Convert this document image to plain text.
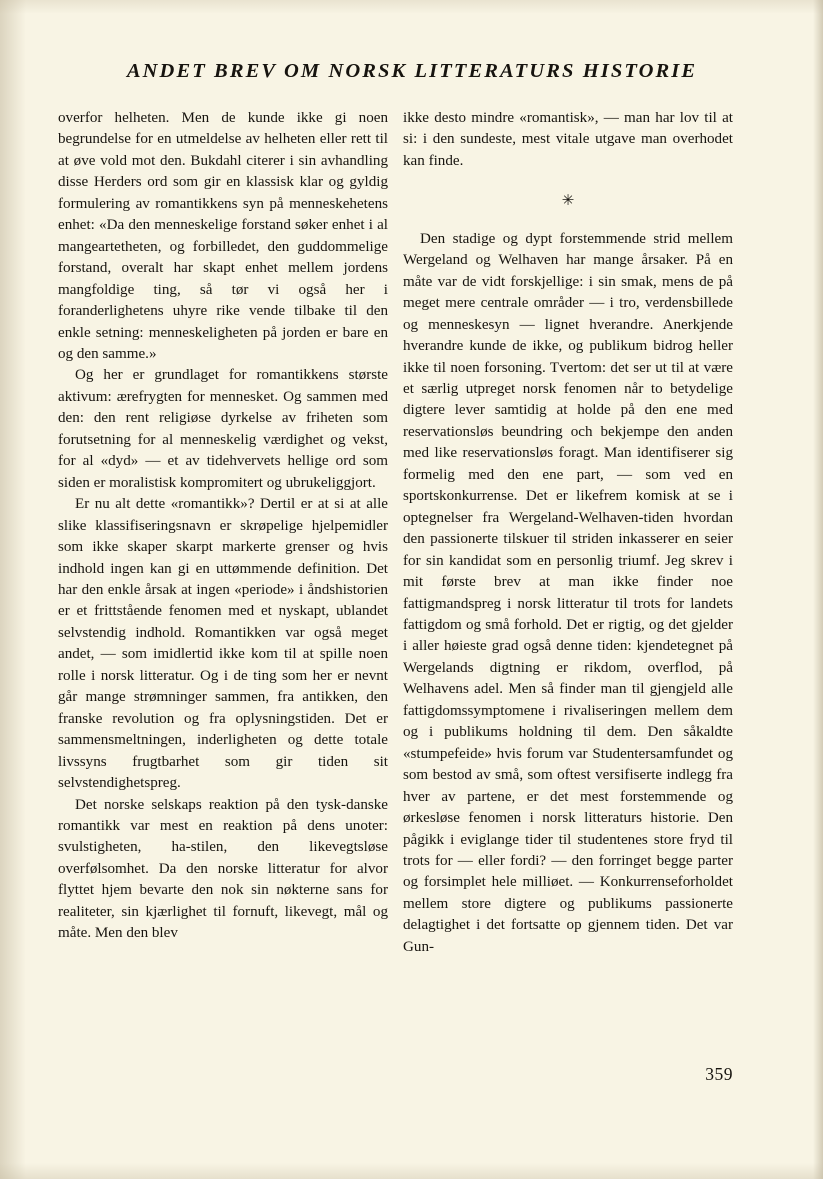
ANDET BREV OM NORSK LITTERATURS HISTORIE

overfor helheten. Men de kunde ikke gi noen begrundelse for en utmeldelse av helheten eller rett til at øve vold mot den. Bukdahl citerer i sin avhandling disse Herders ord som gir en klassisk klar og gyldig formulering av romantikkens syn på menneskehetens enhet: «Da den menneskelige forstand søker enhet i al mangeartetheten, og forbilledet, den guddommelige forstand, overalt har skapt enhet mellem jordens mangfoldige ting, så tør vi også her i foranderlighetens uhyre rike vende tilbake til den enkle setning: menneskeligheten på jorden er bare en og den samme.»

Og her er grundlaget for romantikkens største aktivum: ærefrygten for mennesket. Og sammen med den: den rent religiøse dyrkelse av friheten som forutsetning for al menneskelig værdighet og vekst, for al «dyd» — et av tidehvervets hellige ord som siden er moralistisk kompromitert og ubrukeliggjort.

Er nu alt dette «romantikk»? Dertil er at si at alle slike klassifiseringsnavn er skrøpelige hjelpemidler som ikke skaper skarpt markerte grenser og hvis indhold ingen kan gi en uttømmende definition. Det har den enkle årsak at ingen «periode» i åndshistorien er et frittstående fenomen med et nyskapt, ublandet selvstendig indhold. Romantikken var også meget andet, — som imidlertid ikke kom til at spille noen rolle i norsk litteratur. Og i de ting som her er nevnt går mange strømninger sammen, fra antikken, den franske revolution og fra oplysningstiden. Det er sammensmeltningen, inderligheten og dette totale livssyns frugtbarhet som gir tiden sit selvstendighetspreg.

Det norske selskaps reaktion på den tysk-danske romantikk var mest en reaktion på dens unoter: svulstigheten, ha-stilen, den likevegtsløse overfølsomhet. Da den norske litteratur for alvor flyttet hjem bevarte den nok sin nøkterne sans for realiteter, sin kjærlighet til fornuft, likevegt, mål og måte. Men den blev

ikke desto mindre «romantisk», — man har lov til at si: i den sundeste, mest vitale utgave man overhodet kan finde.

✳

Den stadige og dypt forstemmende strid mellem Wergeland og Welhaven har mange årsaker. På en måte var de vidt forskjellige: i sin smak, mens de på meget mere centrale områder — i tro, verdensbillede og menneskesyn — lignet hverandre. Anerkjende hverandre kunde de ikke, og publikum bidrog heller ikke til noen forsoning. Tvertom: det ser ut til at være et særlig utpreget norsk fenomen når to betydelige digtere lever samtidig at holde på den ene med reservationsløs beundring och bekjempe den anden med like reservationsløs foragt. Man identifiserer sig formelig med den ene part, — som ved en sportskonkurrense. Det er likefrem komisk at se i optegnelser fra Wergeland-Welhaven-tiden hvordan den passionerte tilskuer til striden inkasserer en seier for sin kandidat som en personlig triumf. Jeg skrev i mit første brev at man ikke finder noe fattigmandspreg i norsk litteratur til trots for landets fattigdom og små forhold. Det er rigtig, og det gjelder i aller høieste grad også denne tiden: kjendetegnet på Wergelands digtning er rikdom, overflod, på Welhavens adel. Men så finder man til gjengjeld alle fattigdomssymptomene i rivaliseringen mellem dem og i publikums holdning til dem. Den såkaldte «stumpefeide» hvis forum var Studentersamfundet og som bestod av små, som oftest versifiserte indlegg fra hver av partene, er det mest forstemmende og ørkesløse fenomen i norsk litteraturs historie. Den pågikk i eviglange tider til studentenes store fryd til trots for — eller fordi? — den forringet begge parter og forsimplet hele milliøet. — Konkurrenseforholdet mellem store digtere og publikums passionerte delagtighet i det fortsatte op gjennem tiden. Det var Gun-

359
